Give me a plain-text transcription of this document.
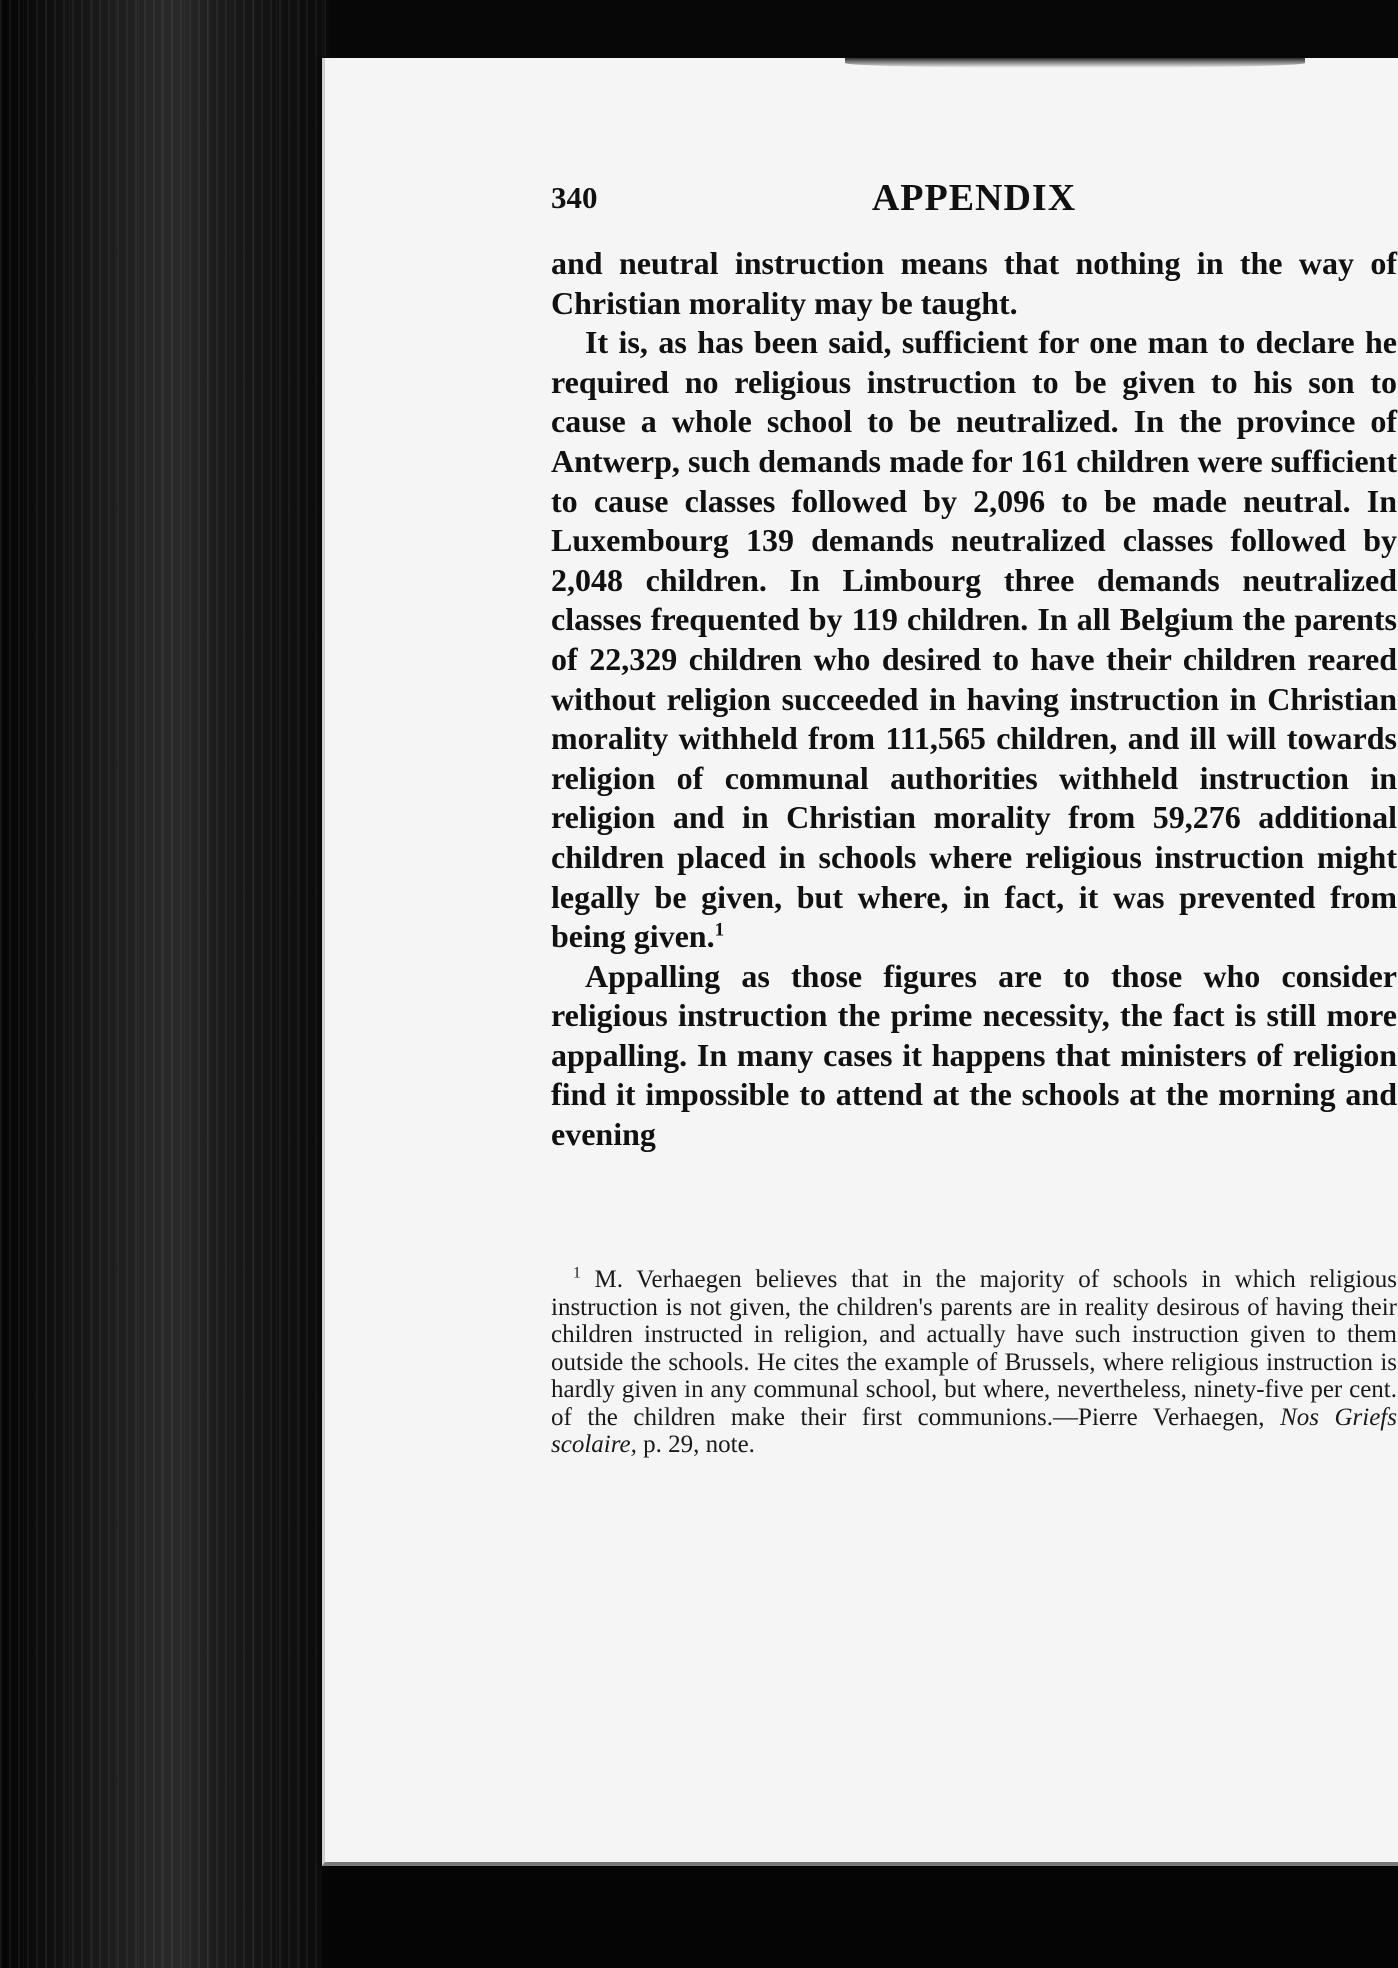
340	APPENDIX

and neutral instruction means that nothing in the way of Christian morality may be taught.

It is, as has been said, sufficient for one man to declare he required no religious instruction to be given to his son to cause a whole school to be neutralized. In the province of Antwerp, such demands made for 161 children were sufficient to cause classes followed by 2,096 to be made neutral. In Luxembourg 139 demands neutralized classes followed by 2,048 children. In Limbourg three demands neutralized classes frequented by 119 children. In all Belgium the parents of 22,329 children who desired to have their children reared without religion succeeded in having instruction in Christian morality withheld from 111,565 children, and ill will towards religion of communal authorities withheld instruction in religion and in Christian morality from 59,276 additional children placed in schools where religious instruction might legally be given, but where, in fact, it was prevented from being given.$^1$

Appalling as those figures are to those who consider religious instruction the prime necessity, the fact is still more appalling. In many cases it happens that ministers of religion find it impossible to attend at the schools at the morning and evening

$^1$ M. Verhaegen believes that in the majority of schools in which religious instruction is not given, the children's parents are in reality desirous of having their children instructed in religion, and actually have such instruction given to them outside the schools. He cites the example of Brussels, where religious instruction is hardly given in any communal school, but where, nevertheless, ninety-five per cent. of the children make their first communions.—Pierre Verhaegen, Nos Griefs scolaire, p. 29, note.
